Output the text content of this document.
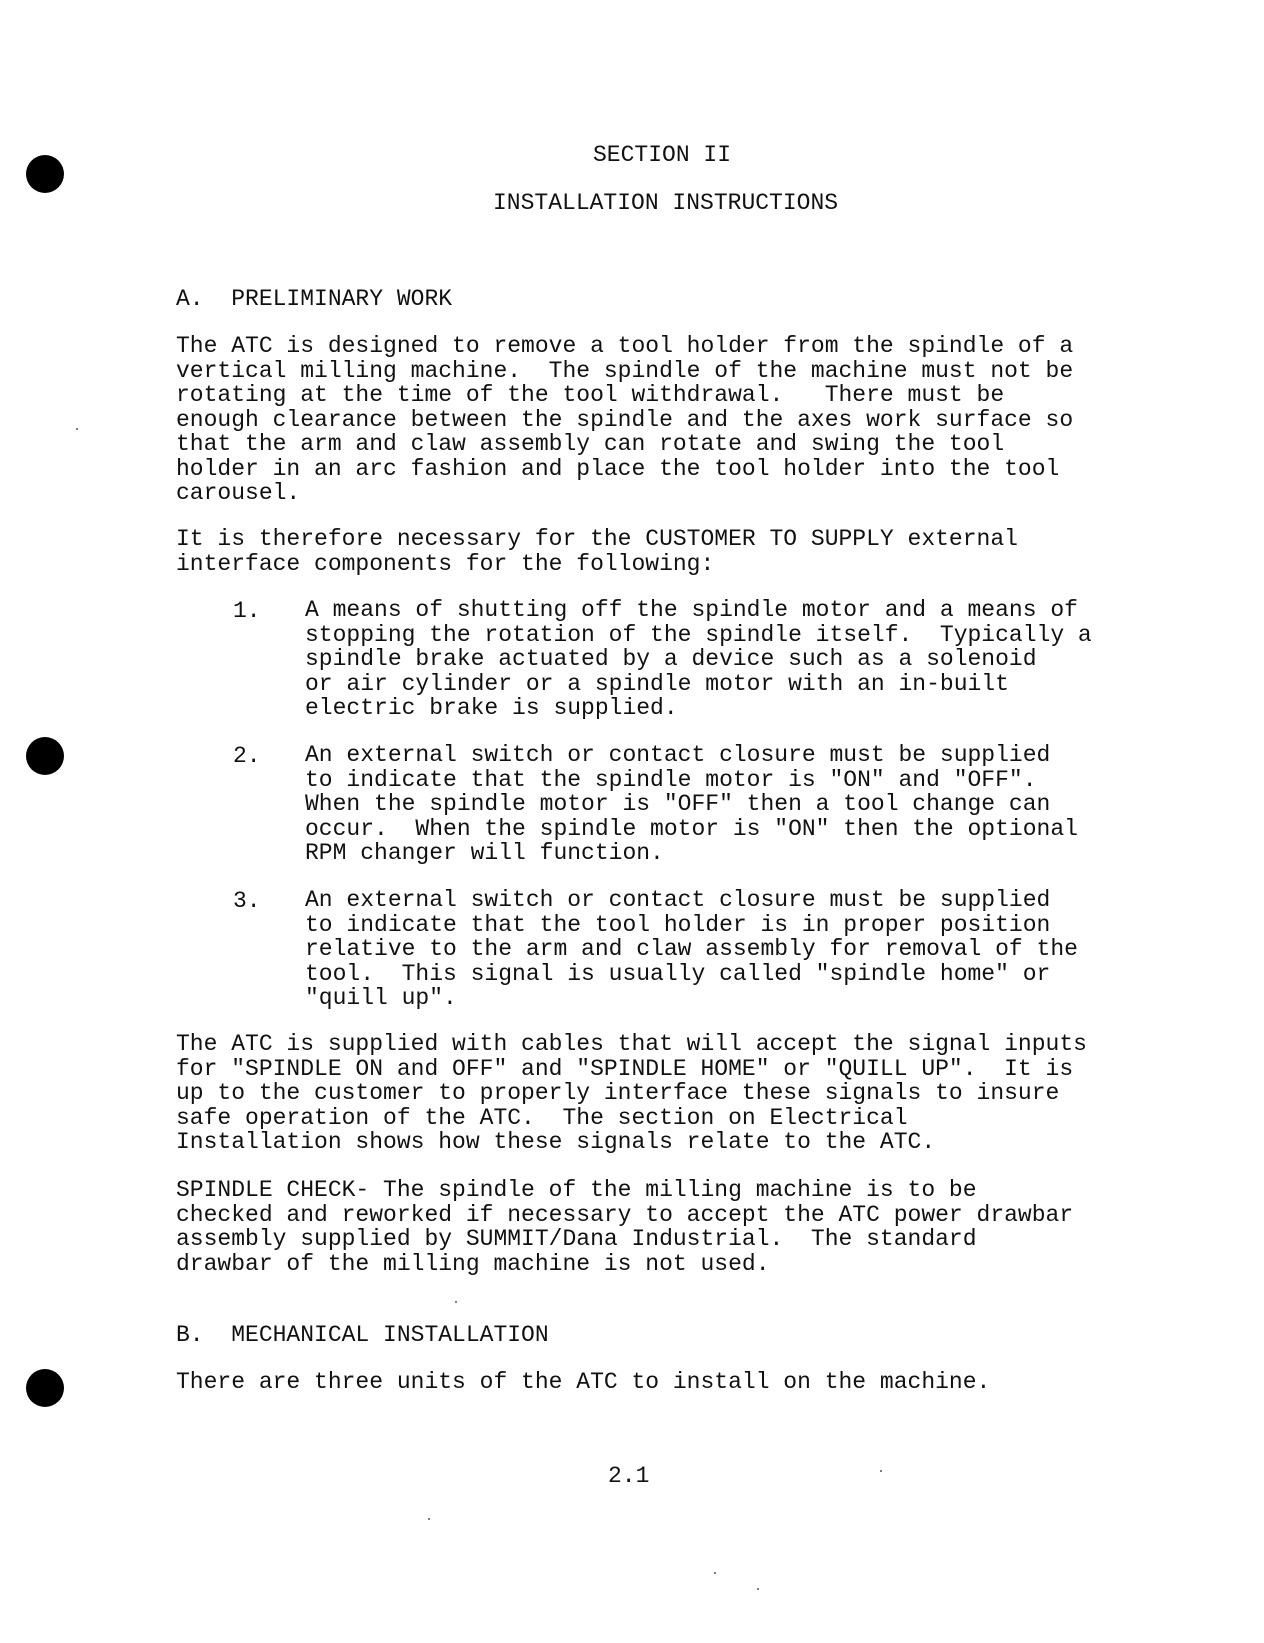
SECTION II
INSTALLATION INSTRUCTIONS
A.  PRELIMINARY WORK
The ATC is designed to remove a tool holder from the spindle of a
vertical milling machine.  The spindle of the machine must not be
rotating at the time of the tool withdrawal.   There must be
enough clearance between the spindle and the axes work surface so
that the arm and claw assembly can rotate and swing the tool
holder in an arc fashion and place the tool holder into the tool
carousel.
It is therefore necessary for the CUSTOMER TO SUPPLY external
interface components for the following:
1. A means of shutting off the spindle motor and a means of
stopping the rotation of the spindle itself.  Typically a
spindle brake actuated by a device such as a solenoid
or air cylinder or a spindle motor with an in-built
electric brake is supplied.
2. An external switch or contact closure must be supplied
to indicate that the spindle motor is "ON" and "OFF".
When the spindle motor is "OFF" then a tool change can
occur.  When the spindle motor is "ON" then the optional
RPM changer will function.
3. An external switch or contact closure must be supplied
to indicate that the tool holder is in proper position
relative to the arm and claw assembly for removal of the
tool.  This signal is usually called "spindle home" or
"quill up".
The ATC is supplied with cables that will accept the signal inputs
for "SPINDLE ON and OFF" and "SPINDLE HOME" or "QUILL UP".  It is
up to the customer to properly interface these signals to insure
safe operation of the ATC.  The section on Electrical
Installation shows how these signals relate to the ATC.
SPINDLE CHECK- The spindle of the milling machine is to be
checked and reworked if necessary to accept the ATC power drawbar
assembly supplied by SUMMIT/Dana Industrial.  The standard
drawbar of the milling machine is not used.
B.  MECHANICAL INSTALLATION
There are three units of the ATC to install on the machine.
2.1
